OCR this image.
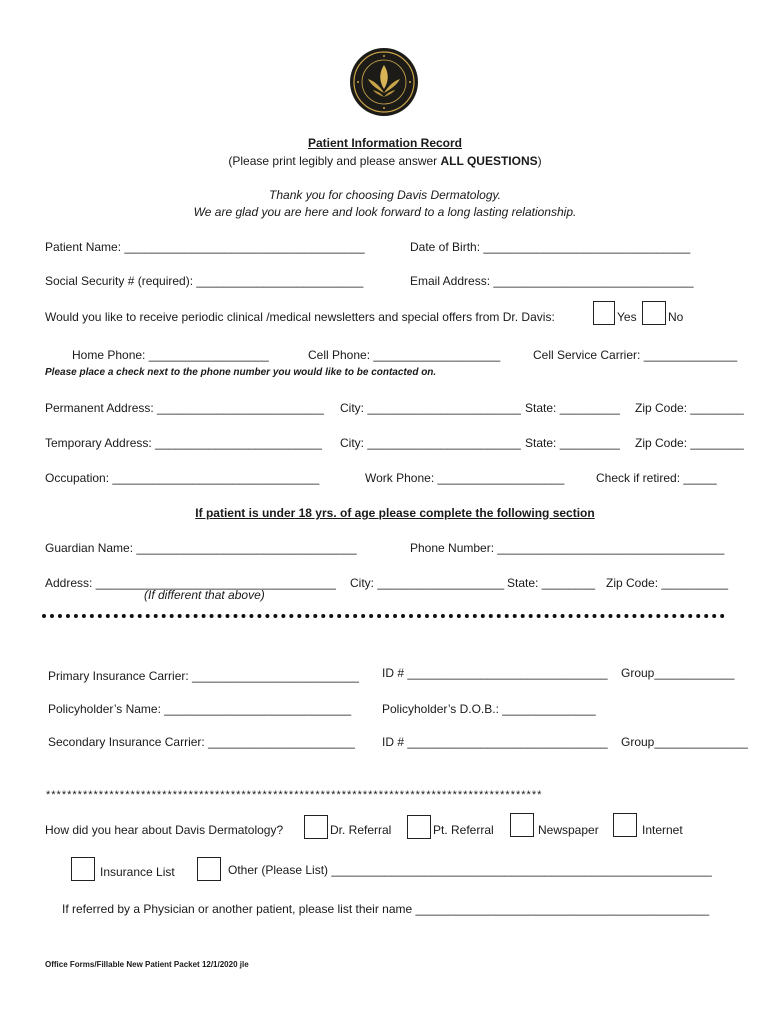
Patient Information Record
(Please print legibly and please answer ALL QUESTIONS)
Thank you for choosing Davis Dermatology.
We are glad you are here and look forward to a long lasting relationship.
Patient Name: ____________________________________	Date of Birth: _______________________________
Social Security # (required): _________________________	Email Address: ______________________________
Would you like to receive periodic clinical /medical newsletters and special offers from Dr. Davis:	Yes	No
Home Phone: __________________	Cell Phone: ___________________	Cell Service Carrier: ______________
Please place a check next to the phone number you would like to be contacted on.
Permanent Address: _________________________ City: _______________________ State: _________ Zip Code: ________
Temporary Address: _________________________ City: _______________________ State: _________ Zip Code: ________
Occupation: _______________________________	Work Phone: ___________________	Check if retired: _____
If patient is under 18 yrs. of age please complete the following section
Guardian Name: _________________________________	Phone Number: __________________________________
Address: ____________________________________ City: ___________________ State: ________ Zip Code: __________
(If different that above)
Primary Insurance Carrier: _________________________ ID # ______________________________ Group____________
Policyholder’s Name: ____________________________	Policyholder’s D.O.B.: ______________
Secondary Insurance Carrier: ______________________ ID # ______________________________ Group______________
**********************************************************************************************
How did you hear about Davis Dermatology?	Dr. Referral	Pt. Referral	Newspaper	Internet
Insurance List	Other (Please List) _________________________________________________________
If referred by a Physician or another patient, please list their name ____________________________________________
Office Forms/Fillable New Patient Packet 12/1/2020 jle
